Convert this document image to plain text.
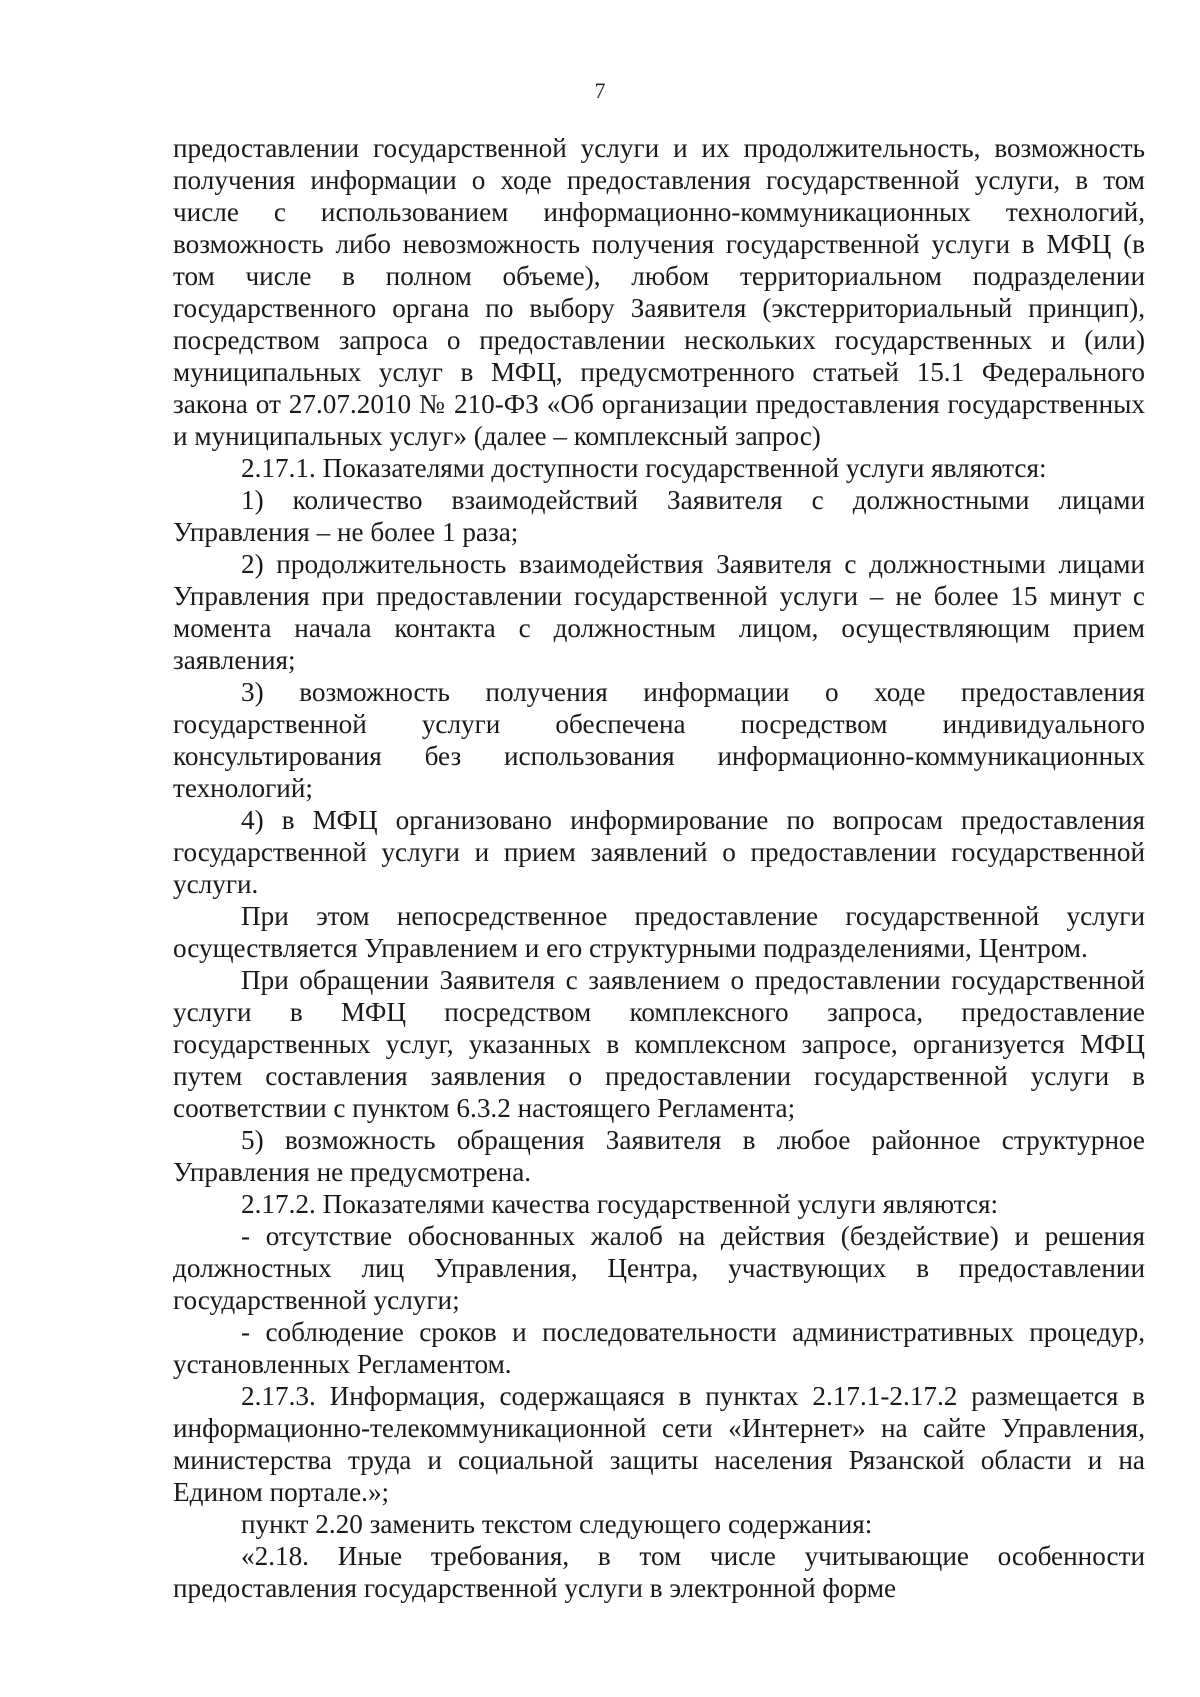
7

предоставлении государственной услуги и их продолжительность, возможность получения информации о ходе предоставления государственной услуги, в том числе с использованием информационно-коммуникационных технологий, возможность либо невозможность получения государственной услуги в МФЦ (в том числе в полном объеме), любом территориальном подразделении государственного органа по выбору Заявителя (экстерриториальный принцип), посредством запроса о предоставлении нескольких государственных и (или) муниципальных услуг в МФЦ, предусмотренного статьей 15.1 Федерального закона от 27.07.2010 № 210-ФЗ «Об организации предоставления государственных и муниципальных услуг» (далее – комплексный запрос)

2.17.1. Показателями доступности государственной услуги являются:

1) количество взаимодействий Заявителя с должностными лицами Управления – не более 1 раза;

2) продолжительность взаимодействия Заявителя с должностными лицами Управления при предоставлении государственной услуги – не более 15 минут с момента начала контакта с должностным лицом, осуществляющим прием заявления;

3) возможность получения информации о ходе предоставления государственной услуги обеспечена посредством индивидуального консультирования без использования информационно-коммуникационных технологий;

4) в МФЦ организовано информирование по вопросам предоставления государственной услуги и прием заявлений о предоставлении государственной услуги.

При этом непосредственное предоставление государственной услуги осуществляется Управлением и его структурными подразделениями, Центром.

При обращении Заявителя с заявлением о предоставлении государственной услуги в МФЦ посредством комплексного запроса, предоставление государственных услуг, указанных в комплексном запросе, организуется МФЦ путем составления заявления о предоставлении государственной услуги в соответствии с пунктом 6.3.2 настоящего Регламента;

5) возможность обращения Заявителя в любое районное структурное Управления не предусмотрена.

2.17.2. Показателями качества государственной услуги являются:

- отсутствие обоснованных жалоб на действия (бездействие) и решения должностных лиц Управления, Центра, участвующих в предоставлении государственной услуги;

- соблюдение сроков и последовательности административных процедур, установленных Регламентом.

2.17.3. Информация, содержащаяся в пунктах 2.17.1-2.17.2 размещается в информационно-телекоммуникационной сети «Интернет» на сайте Управления, министерства труда и социальной защиты населения Рязанской области и на Едином портале.»;

пункт 2.20 заменить текстом следующего содержания:

«2.18. Иные требования, в том числе учитывающие особенности предоставления государственной услуги в электронной форме
